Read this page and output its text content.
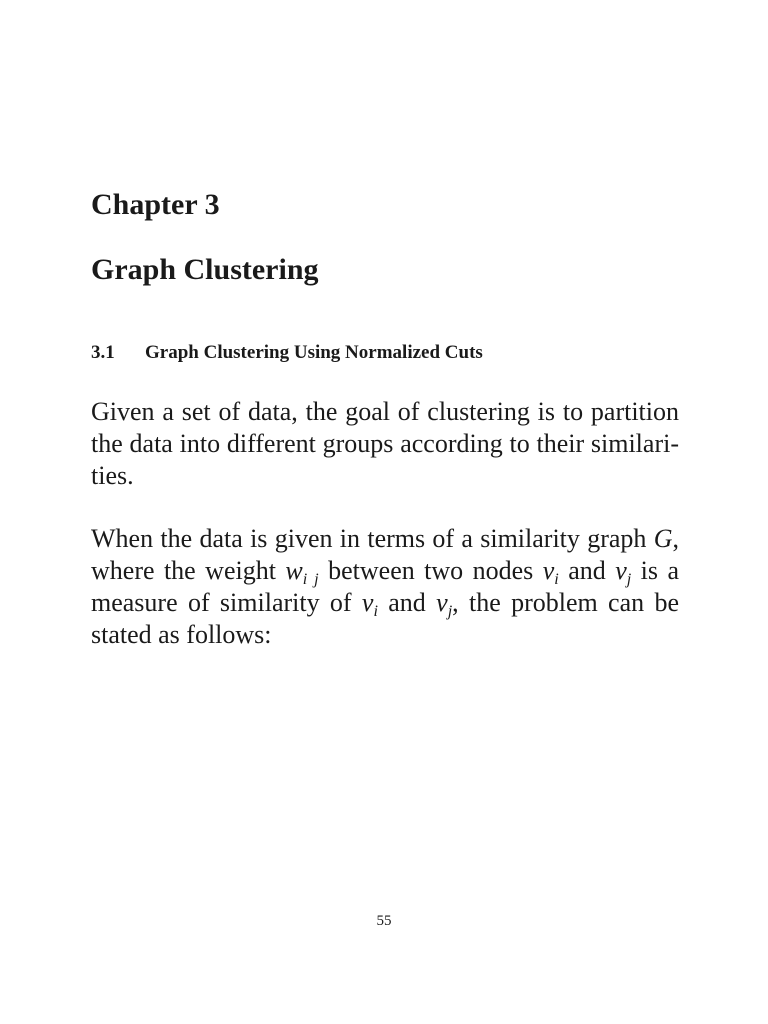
Chapter 3
Graph Clustering
3.1 Graph Clustering Using Normalized Cuts

Given a set of data, the goal of clustering is to partition
the data into different groups according to their similari-
ties.

When the data is given in terms of a similarity graph G,
where the weight $w_{i j}$ between two nodes $v_i$ and $v_j$ is a
measure of similarity of $v_i$ and $v_j$, the problem can be
stated as follows:

55
